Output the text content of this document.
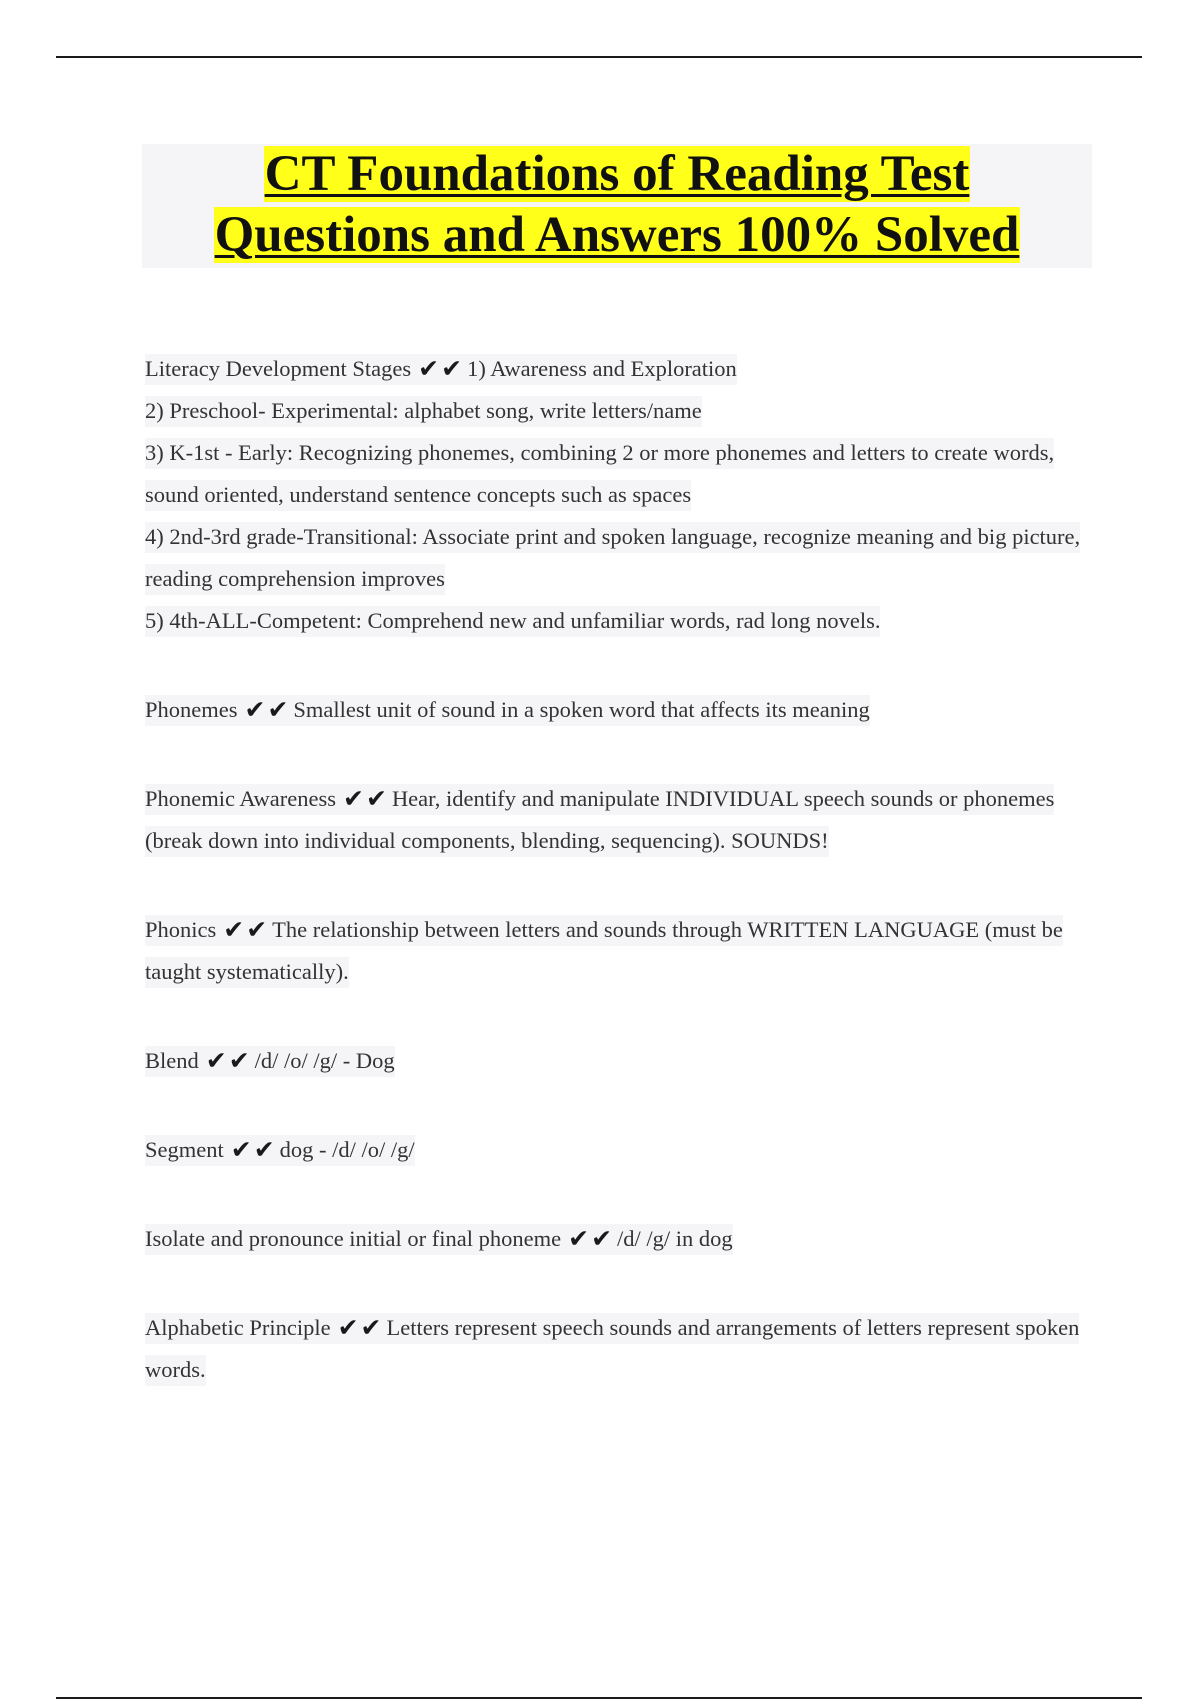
CT Foundations of Reading Test
Questions and Answers 100% Solved

Literacy Development Stages ✔✔ 1) Awareness and Exploration
2) Preschool- Experimental: alphabet song, write letters/name
3) K-1st - Early: Recognizing phonemes, combining 2 or more phonemes and letters to create words, sound oriented, understand sentence concepts such as spaces
4) 2nd-3rd grade-Transitional: Associate print and spoken language, recognize meaning and big picture, reading comprehension improves
5) 4th-ALL-Competent: Comprehend new and unfamiliar words, rad long novels.

Phonemes ✔✔ Smallest unit of sound in a spoken word that affects its meaning

Phonemic Awareness ✔✔ Hear, identify and manipulate INDIVIDUAL speech sounds or phonemes (break down into individual components, blending, sequencing). SOUNDS!

Phonics ✔✔ The relationship between letters and sounds through WRITTEN LANGUAGE (must be taught systematically).

Blend ✔✔ /d/ /o/ /g/ - Dog

Segment ✔✔ dog - /d/ /o/ /g/

Isolate and pronounce initial or final phoneme ✔✔ /d/ /g/ in dog

Alphabetic Principle ✔✔ Letters represent speech sounds and arrangements of letters represent spoken words.
